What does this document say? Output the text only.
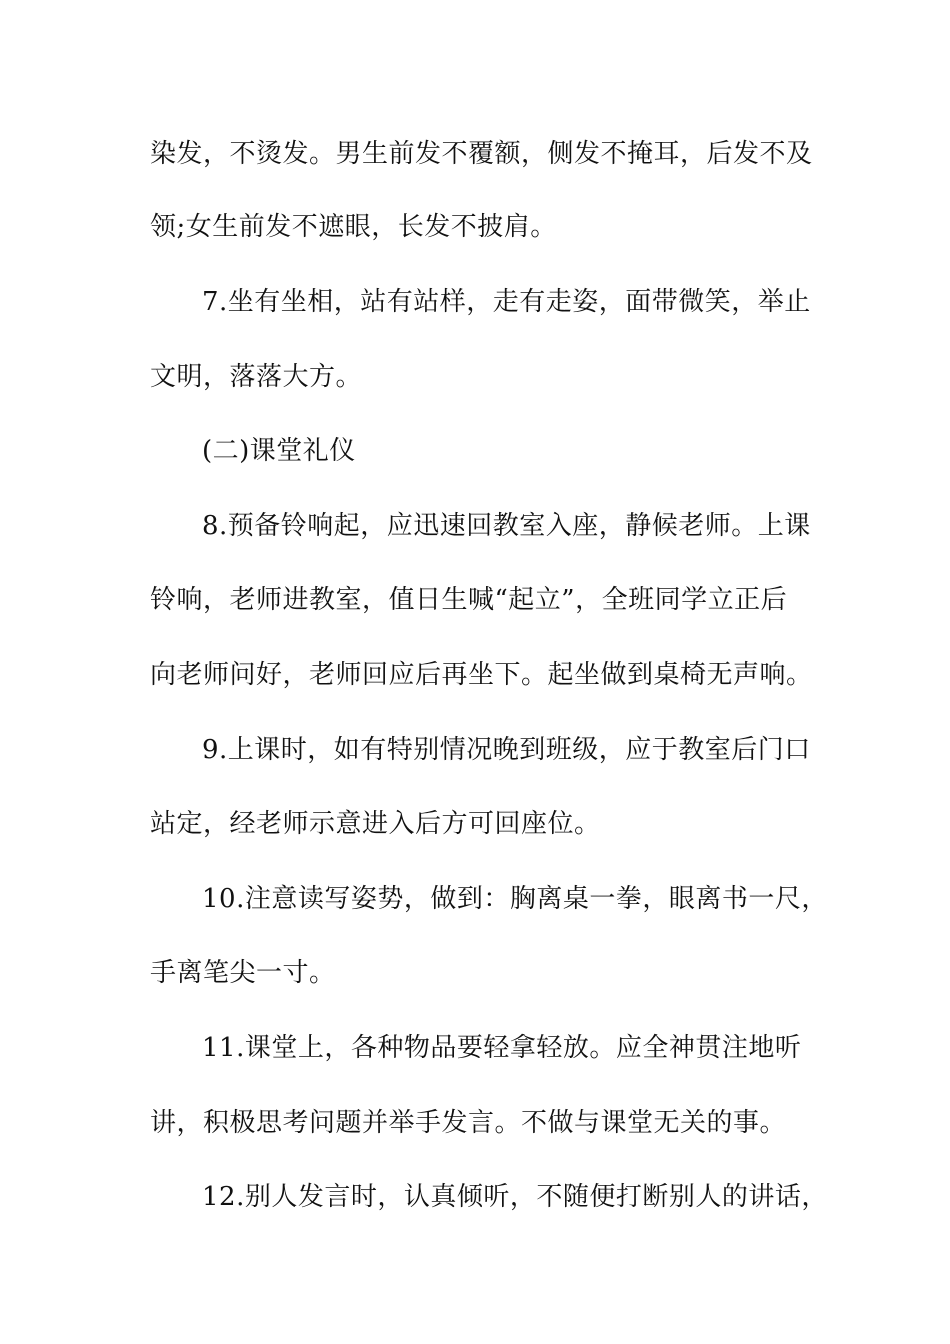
染发，不烫发。男生前发不覆额，侧发不掩耳，后发不及
领;女生前发不遮眼，长发不披肩。
7.坐有坐相，站有站样，走有走姿，面带微笑，举止
文明，落落大方。
(二)课堂礼仪
8.预备铃响起，应迅速回教室入座，静候老师。上课
铃响，老师进教室，值日生喊“起立”，全班同学立正后
向老师问好，老师回应后再坐下。起坐做到桌椅无声响。
9.上课时，如有特别情况晚到班级，应于教室后门口
站定，经老师示意进入后方可回座位。
10.注意读写姿势，做到：胸离桌一拳，眼离书一尺，
手离笔尖一寸。
11.课堂上，各种物品要轻拿轻放。应全神贯注地听
讲，积极思考问题并举手发言。不做与课堂无关的事。
12.别人发言时，认真倾听，不随便打断别人的讲话，
